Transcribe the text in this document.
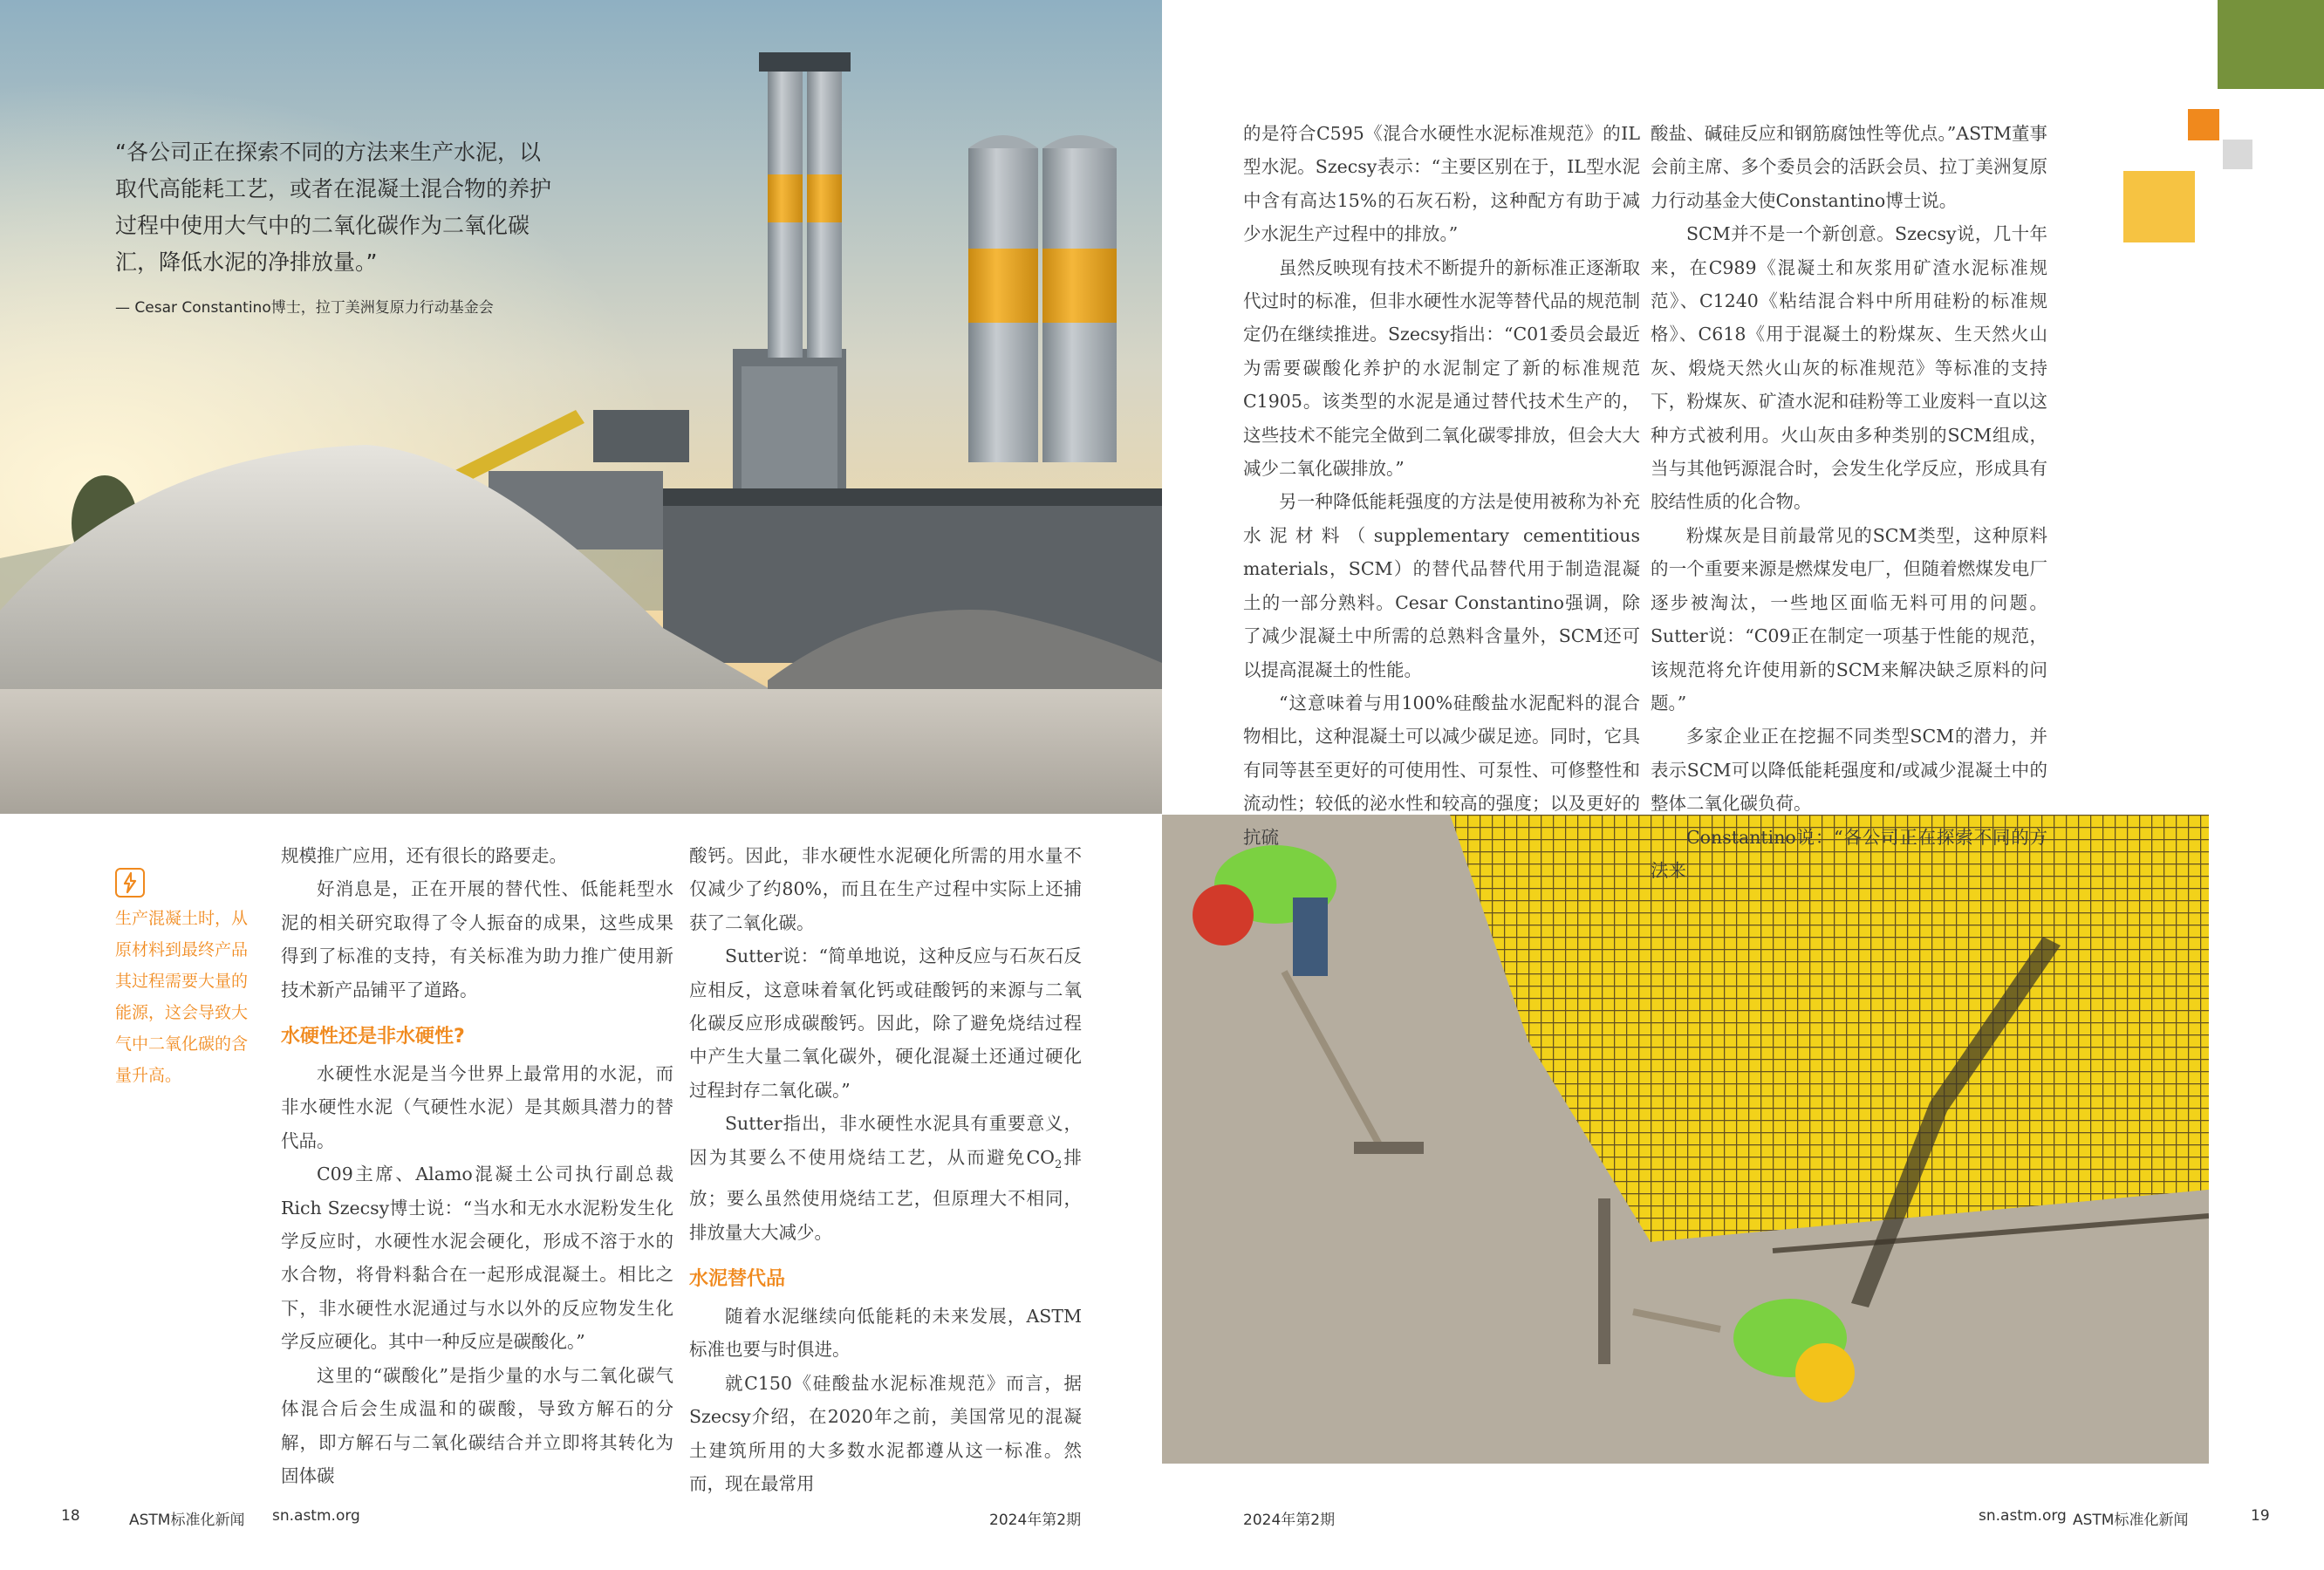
“各公司正在探索不同的方法来生产水泥，以取代高能耗工艺，或者在混凝土混合物的养护过程中使用大气中的二氧化碳作为二氧化碳汇，降低水泥的净排放量。”
— Cesar Constantino博士，拉丁美洲复原力行动基金会
生产混凝土时，从原材料到最终产品其过程需要大量的能源，这会导致大气中二氧化碳的含量升高。

规模推广应用，还有很长的路要走。

好消息是，正在开展的替代性、低能耗型水泥的相关研究取得了令人振奋的成果，这些成果得到了标准的支持，有关标准为助力推广使用新技术新产品铺平了道路。

水硬性还是非水硬性?

水硬性水泥是当今世界上最常用的水泥，而非水硬性水泥（气硬性水泥）是其颇具潜力的替代品。

C09主席、Alamo混凝土公司执行副总裁Rich Szecsy博士说：“当水和无水水泥粉发生化学反应时，水硬性水泥会硬化，形成不溶于水的水合物，将骨料黏合在一起形成混凝土。相比之下，非水硬性水泥通过与水以外的反应物发生化学反应硬化。其中一种反应是碳酸化。”

这里的“碳酸化”是指少量的水与二氧化碳气体混合后会生成温和的碳酸，导致方解石的分解，即方解石与二氧化碳结合并立即将其转化为固体碳

酸钙。因此，非水硬性水泥硬化所需的用水量不仅减少了约80%，而且在生产过程中实际上还捕获了二氧化碳。

Sutter说：“简单地说，这种反应与石灰石反应相反，这意味着氧化钙或硅酸钙的来源与二氧化碳反应形成碳酸钙。因此，除了避免烧结过程中产生大量二氧化碳外，硬化混凝土还通过硬化过程封存二氧化碳。”

Sutter指出，非水硬性水泥具有重要意义，因为其要么不使用烧结工艺，从而避免$CO_2$排放；要么虽然使用烧结工艺，但原理大不相同，排放量大大减少。

水泥替代品

随着水泥继续向低能耗的未来发展，ASTM标准也要与时俱进。

就C150《硅酸盐水泥标准规范》而言，据Szecsy介绍，在2020年之前，美国常见的混凝土建筑所用的大多数水泥都遵从这一标准。然而，现在最常用

的是符合C595《混合水硬性水泥标准规范》的IL型水泥。Szecsy表示：“主要区别在于，IL型水泥中含有高达15%的石灰石粉，这种配方有助于减少水泥生产过程中的排放。”

虽然反映现有技术不断提升的新标准正逐渐取代过时的标准，但非水硬性水泥等替代品的规范制定仍在继续推进。Szecsy指出：“C01委员会最近为需要碳酸化养护的水泥制定了新的标准规范C1905。该类型的水泥是通过替代技术生产的，这些技术不能完全做到二氧化碳零排放，但会大大减少二氧化碳排放。”

另一种降低能耗强度的方法是使用被称为补充水泥材料（supplementary cementitious materials，SCM）的替代品替代用于制造混凝土的一部分熟料。Cesar Constantino强调，除了减少混凝土中所需的总熟料含量外，SCM还可以提高混凝土的性能。

“这意味着与用100%硅酸盐水泥配料的混合物相比，这种混凝土可以减少碳足迹。同时，它具有同等甚至更好的可使用性、可泵性、可修整性和流动性；较低的泌水性和较高的强度；以及更好的抗硫

酸盐、碱硅反应和钢筋腐蚀性等优点。”ASTM董事会前主席、多个委员会的活跃会员、拉丁美洲复原力行动基金大使Constantino博士说。

SCM并不是一个新创意。Szecsy说，几十年来，在C989《混凝土和灰浆用矿渣水泥标准规范》、C1240《粘结混合料中所用硅粉的标准规格》、C618《用于混凝土的粉煤灰、生天然火山灰、煅烧天然火山灰的标准规范》等标准的支持下，粉煤灰、矿渣水泥和硅粉等工业废料一直以这种方式被利用。火山灰由多种类别的SCM组成，当与其他钙源混合时，会发生化学反应，形成具有胶结性质的化合物。

粉煤灰是目前最常见的SCM类型，这种原料的一个重要来源是燃煤发电厂，但随着燃煤发电厂逐步被淘汰，一些地区面临无料可用的问题。Sutter说：“C09正在制定一项基于性能的规范，该规范将允许使用新的SCM来解决缺乏原料的问题。”

多家企业正在挖掘不同类型SCM的潜力，并表示SCM可以降低能耗强度和/或减少混凝土中的整体二氧化碳负荷。

Constantino说：“各公司正在探索不同的方法来

18	ASTM标准化新闻 sn.astm.org	2024年第2期	2024年第2期	sn.astm.org ASTM标准化新闻	19
